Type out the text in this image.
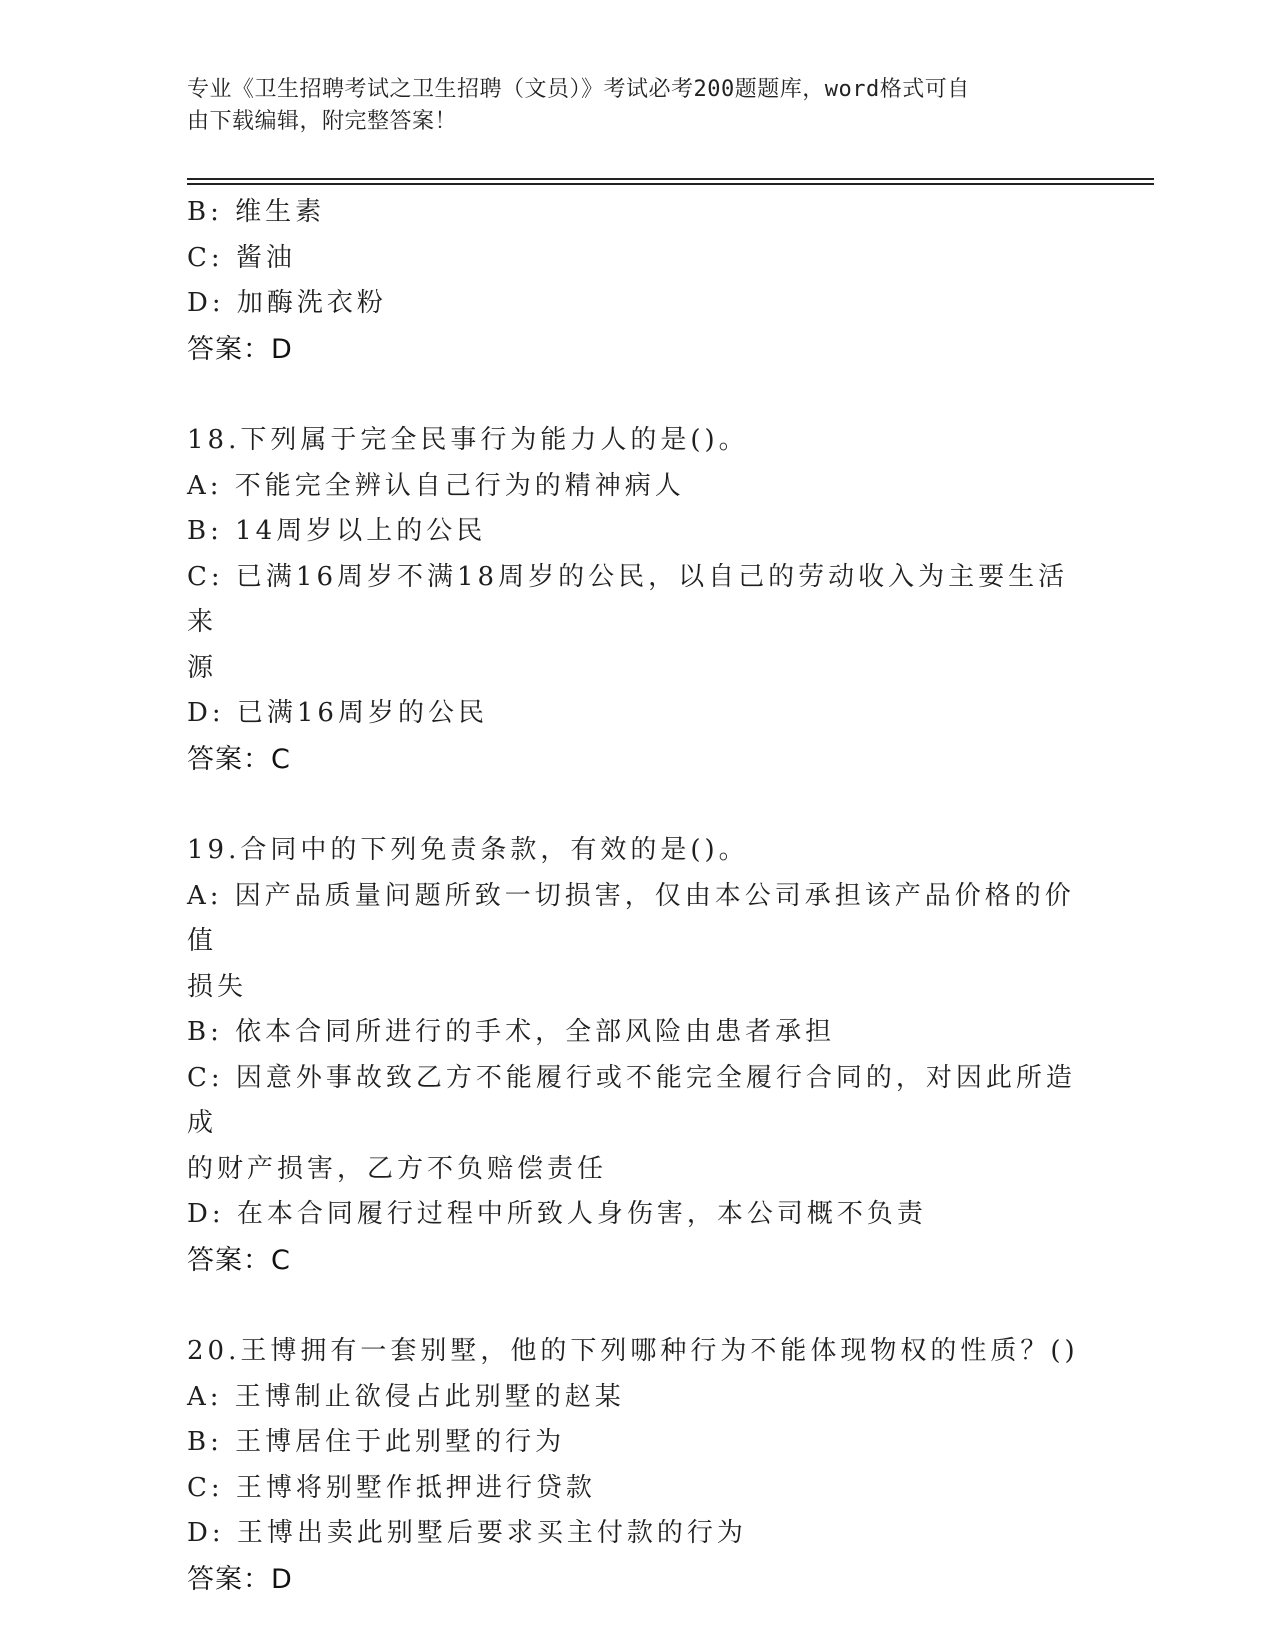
专业《卫生招聘考试之卫生招聘（文员）》考试必考200题题库，word格式可自
由下载编辑，附完整答案！
B: 维生素
C: 酱油
D: 加酶洗衣粉
答案：D
18.下列属于完全民事行为能力人的是()。
A: 不能完全辨认自己行为的精神病人
B: 14周岁以上的公民
C: 已满16周岁不满18周岁的公民，以自己的劳动收入为主要生活来
源
D: 已满16周岁的公民
答案：C
19.合同中的下列免责条款，有效的是()。
A: 因产品质量问题所致一切损害，仅由本公司承担该产品价格的价值
损失
B: 依本合同所进行的手术，全部风险由患者承担
C: 因意外事故致乙方不能履行或不能完全履行合同的，对因此所造成
的财产损害，乙方不负赔偿责任
D: 在本合同履行过程中所致人身伤害，本公司概不负责
答案：C
20.王博拥有一套别墅，他的下列哪种行为不能体现物权的性质？()
A: 王博制止欲侵占此别墅的赵某
B: 王博居住于此别墅的行为
C: 王博将别墅作抵押进行贷款
D: 王博出卖此别墅后要求买主付款的行为
答案：D
